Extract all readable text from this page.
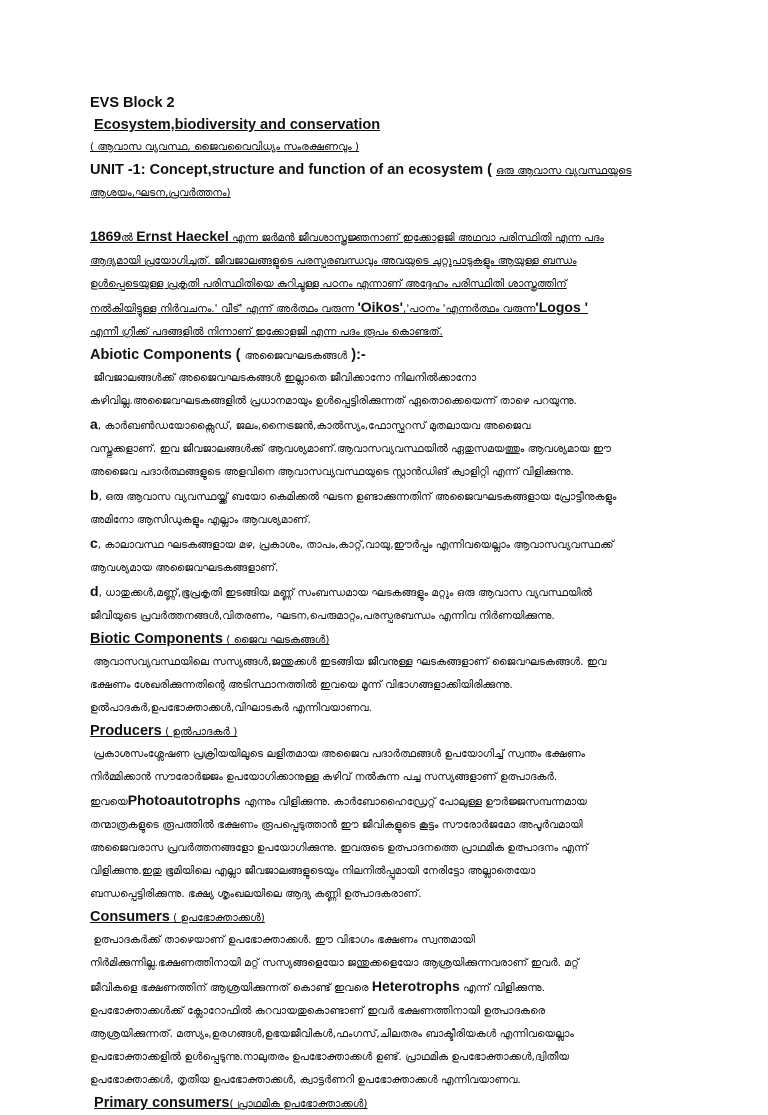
EVS Block 2
Ecosystem,biodiversity and conservation
( ആവാസ വ്യവസ്ഥ, ജൈവവൈവിധ്യം സംരക്ഷണവും )
UNIT -1: Concept,structure and function of an ecosystem ( ഒരു ആവാസ വ്യവസ്ഥയുടെ
ആശയം,ഘടന,പ്രവർത്തനം)
1869ൽ Ernst Haeckel എന്ന ജർമൻ ജീവശാസ്ത്രജ്ഞനാണ് ഇക്കോളജി അഥവാ പരിസ്ഥിതി എന്ന പദം
ആദ്യമായി പ്രയോഗിച്ചത്. ജീവജാലങ്ങളുടെ പരസ്പരബന്ധവും അവയുടെ ചുറ്റുപാടുകളും ആയുള്ള ബന്ധം
ഉൾപ്പെടെയുള്ള പ്രകൃതി പരിസ്ഥിതിയെ കുറിച്ചുള്ള പഠനം എന്നാണ് അദ്ദേഹം പരിസ്ഥിതി ശാസ്ത്രത്തിന്
നൽകിയിട്ടുള്ള നിർവചനം.' വീട്' എന്ന് അർത്ഥം വരുന്ന 'Oikos','പഠനം 'എന്നർത്ഥം വരുന്ന'Logos '
എന്നീ ഗ്രീക്ക് പദങ്ങളിൽ നിന്നാണ് ഇക്കോളജി എന്ന പദം രൂപം കൊണ്ടത്.
Abiotic Components ( അജൈവഘടകങ്ങൾ ):-
ജീവജാലങ്ങൾക്ക് അജൈവഘടകങ്ങൾ ഇല്ലാതെ ജീവിക്കാനോ നിലനിൽക്കാനോ
കഴിവില്ല.അജൈവഘടകങ്ങളിൽ പ്രധാനമായും ഉൾപ്പെട്ടിരിക്കുന്നത് ഏതൊക്കെയെന്ന് താഴെ പറയുന്നു.
a, കാർബൺഡയോക്സൈഡ്, ജലം,നൈട്രജൻ,കാൽസ്യം,ഫോസ്ഫറസ് മുതലായവ അജൈവ
വസ്തുക്കളാണ്. ഇവ ജീവജാലങ്ങൾക്ക് ആവശ്യമാണ്.ആവാസവ്യവസ്ഥയിൽ ഏതുസമയത്തും ആവശ്യമായ ഈ
അജൈവ പദാർത്ഥങ്ങളുടെ അളവിനെ ആവാസവ്യവസ്ഥയുടെ സ്റ്റാൻഡിങ് ക്വാളിറ്റി എന്ന് വിളിക്കുന്നു.
b, ഒരു ആവാസ വ്യവസ്ഥയ്ക്ക് ബയോ കെമിക്കൽ ഘടന ഉണ്ടാക്കുന്നതിന് അജൈവഘടകങ്ങളായ പ്രോട്ടീനുകളും
അമിനോ ആസിഡുകളും എല്ലാം ആവശ്യമാണ്.
c, കാലാവസ്ഥ ഘടകങ്ങളായ മഴ, പ്രകാശം, താപം,കാറ്റ്,വായു,ഈർപ്പം എന്നിവയെല്ലാം ആവാസവ്യവസ്ഥക്ക്
ആവശ്യമായ അജൈവഘടകങ്ങളാണ്.
d, ധാതുക്കൾ,മണ്ണ്,ഭൂപ്രകൃതി ഇടങ്ങിയ മണ്ണ് സംബന്ധമായ ഘടകങ്ങളും മറ്റും ഒരു ആവാസ വ്യവസ്ഥയിൽ
ജീവിയുടെ പ്രവർത്തനങ്ങൾ,വിതരണം, ഘടന,പെരുമാറ്റം,പരസ്പരബന്ധം എന്നിവ നിർണയിക്കുന്നു.
Biotic Components ( ജൈവ ഘടകങ്ങൾ)
ആവാസവ്യവസ്ഥയിലെ സസ്യങ്ങൾ,ജന്തുക്കൾ ഇടങ്ങിയ ജീവനുള്ള ഘടകങ്ങളാണ് ജൈവഘടകങ്ങൾ. ഇവ
ഭക്ഷണം ശേഖരിക്കുന്നതിന്റെ അടിസ്ഥാനത്തിൽ ഇവയെ മൂന്ന് വിഭാഗങ്ങളാക്കിയിരിക്കുന്നു.
ഉൽപാദകർ,ഉപഭോക്താക്കൾ,വിഘാടകർ എന്നിവയാണവ.
Producers ( ഉൽപാദകർ )
പ്രകാശസംശ്ലേഷണ പ്രക്രിയയിലൂടെ ലളിതമായ അജൈവ പദാർത്ഥങ്ങൾ ഉപയോഗിച്ച് സ്വന്തം ഭക്ഷണം
നിർമ്മിക്കാൻ സൗരോർജ്ജം ഉപയോഗിക്കാനുള്ള കഴിവ് നൽകുന്ന പച്ച സസ്യങ്ങളാണ് ഉത്പാദകർ.
ഇവയെPhotoautotrophs എന്നും വിളിക്കുന്നു. കാർബോഹൈഡ്രേറ്റ് പോലുള്ള ഊർജ്ജസമ്പന്നമായ
തന്മാത്രകളുടെ രൂപത്തിൽ ഭക്ഷണം രൂപപ്പെടുത്താൻ ഈ ജീവികളുടെ കൂട്ടം സൗരോർജമോ അപൂർവമായി
അജൈവരാസ പ്രവർത്തനങ്ങളോ ഉപയോഗിക്കുന്നു. ഇവരുടെ ഉത്പാദനത്തെ പ്രാഥമിക ഉത്പാദനം എന്ന്
വിളിക്കുന്നു.ഇതു ഭൂമിയിലെ എല്ലാ ജീവജാലങ്ങളുടെയും നിലനിൽപ്പുമായി നേരിട്ടോ അല്ലാതെയോ
ബന്ധപ്പെട്ടിരിക്കുന്നു. ഭക്ഷ്യ ശൃംഖലയിലെ ആദ്യ കണ്ണി ഉത്പാദകരാണ്.
Consumers ( ഉപഭോക്താക്കൾ)
ഉത്പാദകർക്ക് താഴെയാണ് ഉപഭോക്താക്കൾ. ഈ വിഭാഗം ഭക്ഷണം സ്വന്തമായി
നിർമിക്കുന്നില്ല.ഭക്ഷണത്തിനായി മറ്റ് സസ്യങ്ങളെയോ ജന്തുക്കളെയോ ആശ്രയിക്കുന്നവരാണ് ഇവർ. മറ്റ്
ജീവികളെ ഭക്ഷണത്തിന് ആശ്രയിക്കുന്നത് കൊണ്ട് ഇവരെ Heterotrophs എന്ന് വിളിക്കുന്നു.
ഉപഭോക്താക്കൾക്ക് ക്ലോറോഫിൽ കറവായതുകൊണ്ടാണ് ഇവർ ഭക്ഷണത്തിനായി ഉത്പാദകരെ
ആശ്രയിക്കുന്നത്. മത്സ്യം,ഉരഗങ്ങൾ,ഉഭയജീവികൾ,ഫംഗസ്,ചിലതരം ബാക്ടീരിയകൾ എന്നിവയെല്ലാം
ഉപഭോക്താക്കളിൽ ഉൾപ്പെടുന്നു.നാലുതരം ഉപഭോക്താക്കൾ ഉണ്ട്. പ്രാഥമിക ഉപഭോക്താക്കൾ,ദ്വിതീയ
ഉപഭോക്താക്കൾ, തൃതീയ ഉപഭോക്താക്കൾ, ക്വാട്ടർണറി ഉപഭോക്താക്കൾ എന്നിവയാണവ.
Primary consumers( പ്രാഥമിക ഉപഭോക്താക്കൾ)
